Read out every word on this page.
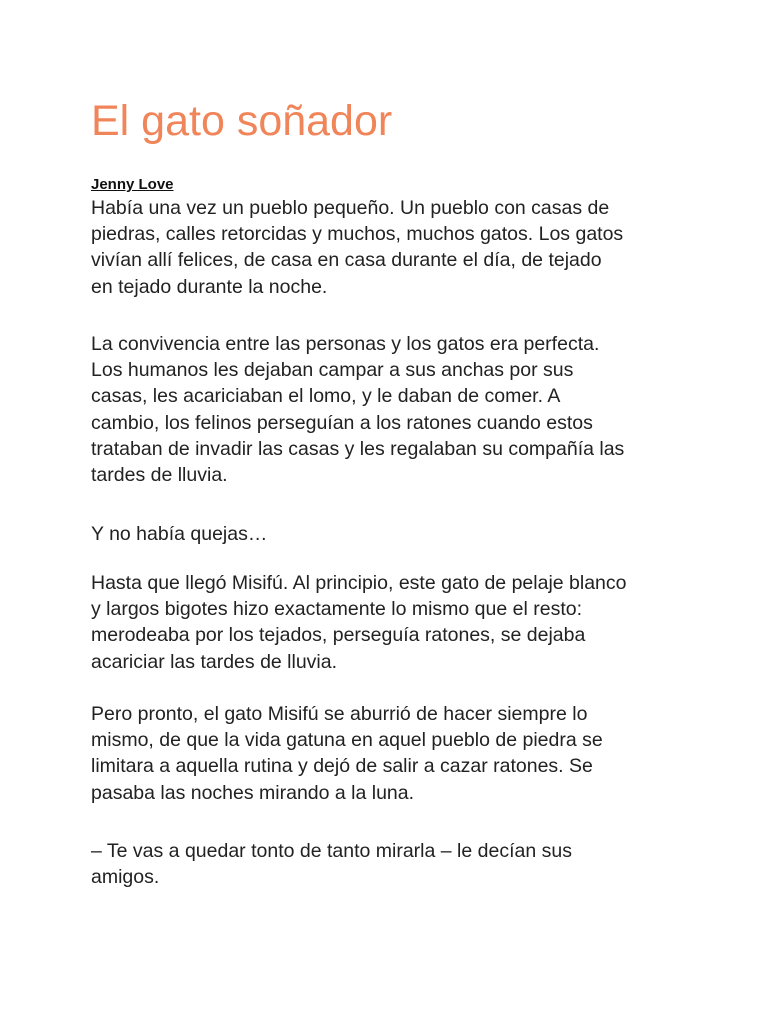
El gato soñador
Jenny Love
Había una vez un pueblo pequeño. Un pueblo con casas de
piedras, calles retorcidas y muchos, muchos gatos. Los gatos
vivían allí felices, de casa en casa durante el día, de tejado
en tejado durante la noche.
La convivencia entre las personas y los gatos era perfecta.
Los humanos les dejaban campar a sus anchas por sus
casas, les acariciaban el lomo, y le daban de comer. A
cambio, los felinos perseguían a los ratones cuando estos
trataban de invadir las casas y les regalaban su compañía las
tardes de lluvia.
Y no había quejas…
Hasta que llegó Misifú. Al principio, este gato de pelaje blanco
y largos bigotes hizo exactamente lo mismo que el resto:
merodeaba por los tejados, perseguía ratones, se dejaba
acariciar las tardes de lluvia.
Pero pronto, el gato Misifú se aburrió de hacer siempre lo
mismo, de que la vida gatuna en aquel pueblo de piedra se
limitara a aquella rutina y dejó de salir a cazar ratones. Se
pasaba las noches mirando a la luna.
– Te vas a quedar tonto de tanto mirarla – le decían sus
amigos.
